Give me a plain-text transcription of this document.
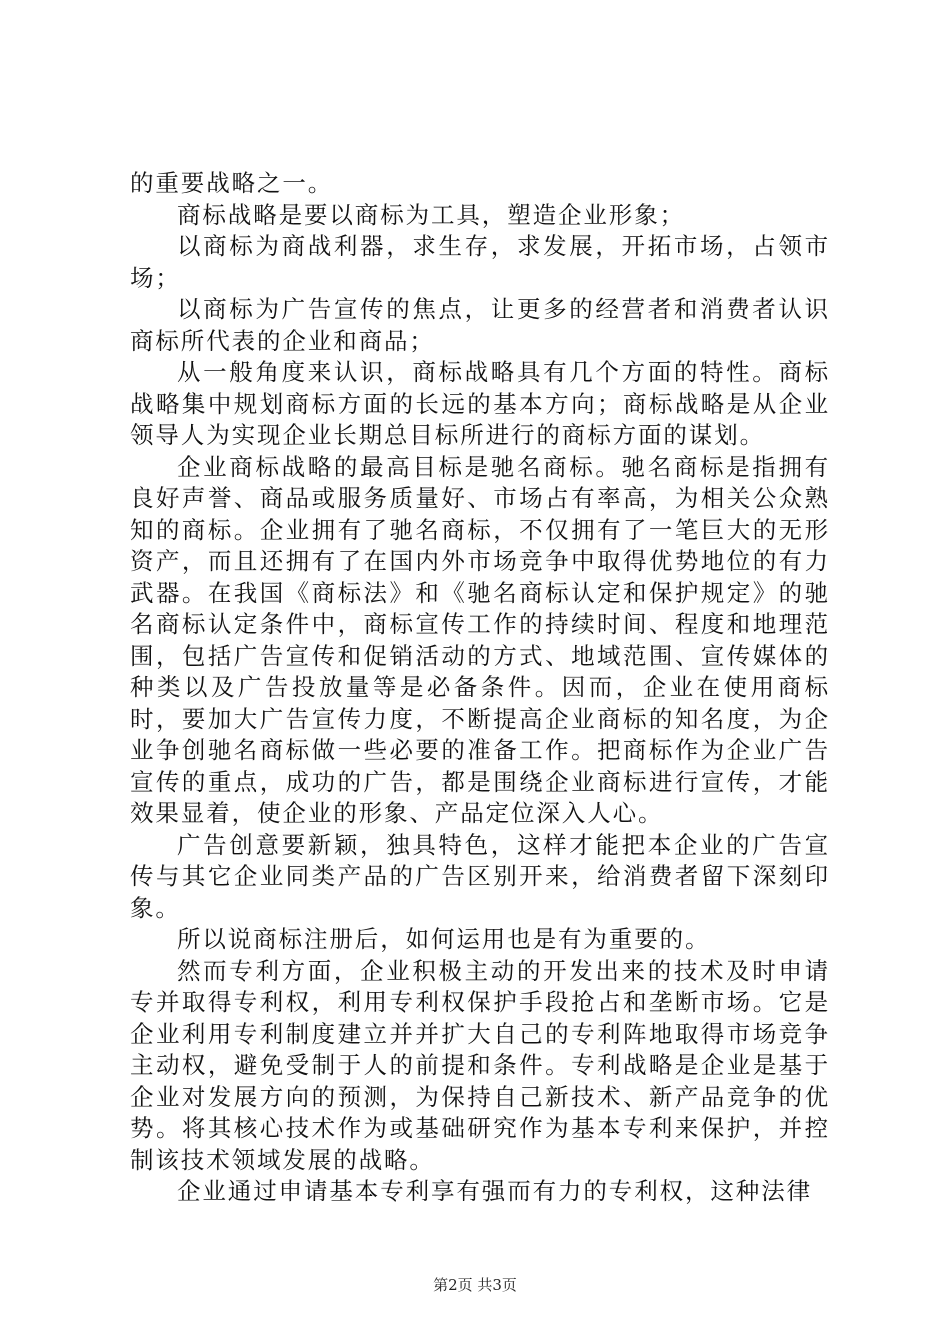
的重要战略之一。

商标战略是要以商标为工具，塑造企业形象；

以商标为商战利器，求生存，求发展，开拓市场，占领市场；

以商标为广告宣传的焦点，让更多的经营者和消费者认识商标所代表的企业和商品；

从一般角度来认识，商标战略具有几个方面的特性。商标战略集中规划商标方面的长远的基本方向；商标战略是从企业领导人为实现企业长期总目标所进行的商标方面的谋划。

企业商标战略的最高目标是驰名商标。驰名商标是指拥有良好声誉、商品或服务质量好、市场占有率高，为相关公众熟知的商标。企业拥有了驰名商标，不仅拥有了一笔巨大的无形资产，而且还拥有了在国内外市场竞争中取得优势地位的有力武器。在我国《商标法》和《驰名商标认定和保护规定》的驰名商标认定条件中，商标宣传工作的持续时间、程度和地理范围，包括广告宣传和促销活动的方式、地域范围、宣传媒体的种类以及广告投放量等是必备条件。因而，企业在使用商标时，要加大广告宣传力度，不断提高企业商标的知名度，为企业争创驰名商标做一些必要的准备工作。把商标作为企业广告宣传的重点，成功的广告，都是围绕企业商标进行宣传，才能效果显着，使企业的形象、产品定位深入人心。

广告创意要新颖，独具特色，这样才能把本企业的广告宣传与其它企业同类产品的广告区别开来，给消费者留下深刻印象。

所以说商标注册后，如何运用也是有为重要的。

然而专利方面，企业积极主动的开发出来的技术及时申请专并取得专利权，利用专利权保护手段抢占和垄断市场。它是企业利用专利制度建立并并扩大自己的专利阵地取得市场竞争主动权，避免受制于人的前提和条件。专利战略是企业是基于企业对发展方向的预测，为保持自己新技术、新产品竞争的优势。将其核心技术作为或基础研究作为基本专利来保护，并控制该技术领域发展的战略。

企业通过申请基本专利享有强而有力的专利权，这种法律

第2页 共3页
